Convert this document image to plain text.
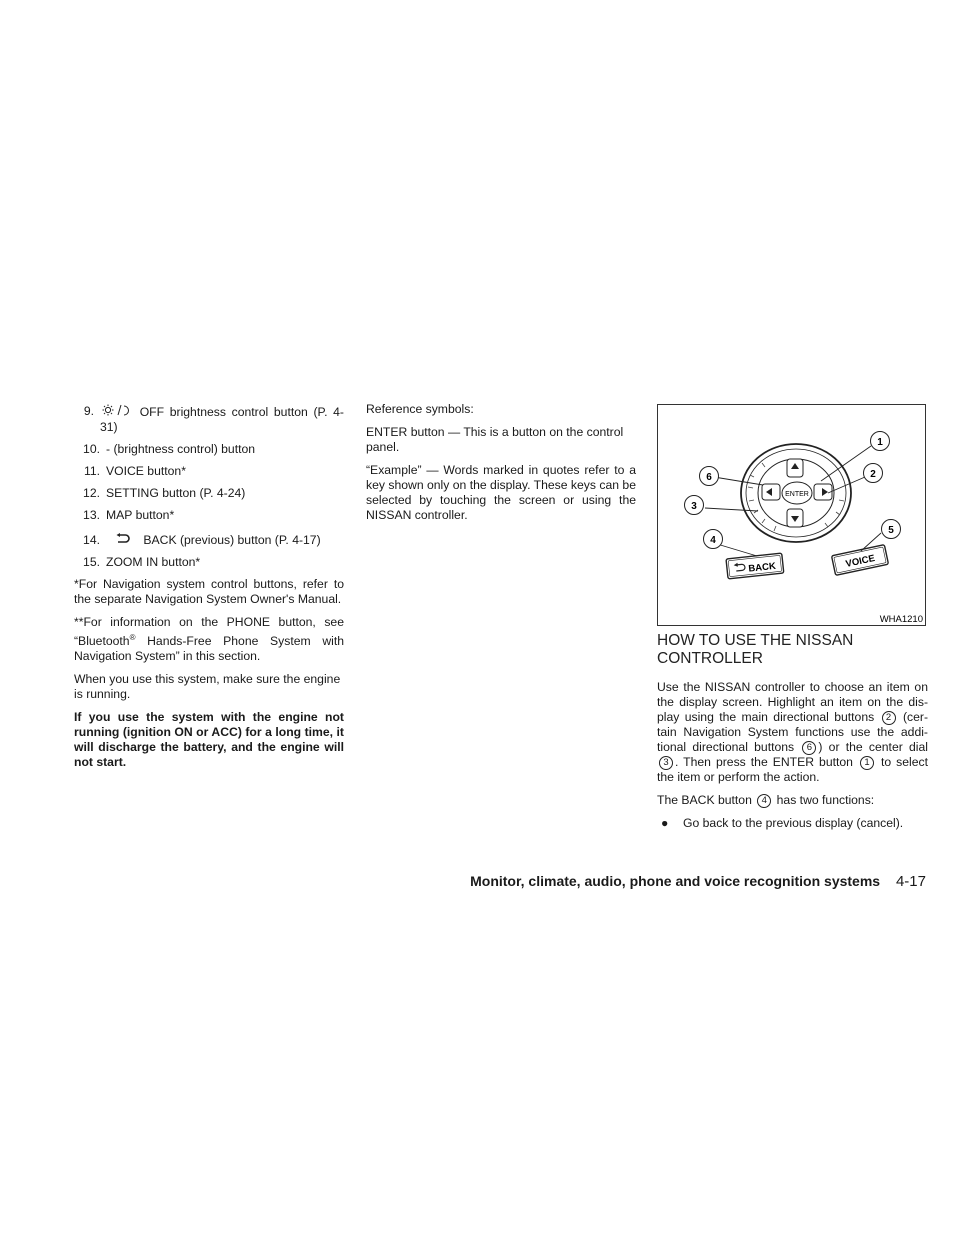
9.	OFF brightness control button (P. 4-31)
10. - (brightness control) button
11. VOICE button*
12. SETTING button (P. 4-24)
13. MAP button*
14.	BACK (previous) button (P. 4-17)
15. ZOOM IN button*

*For Navigation system control buttons, refer to the separate Navigation System Owner's Manual.

**For information on the PHONE button, see “Bluetooth® Hands-Free Phone System with Navigation System” in this section.

When you use this system, make sure the engine is running.

If you use the system with the engine not running (ignition ON or ACC) for a long time, it will discharge the battery, and the engine will not start.

Reference symbols:

ENTER button — This is a button on the control panel.

“Example” — Words marked in quotes refer to a key shown only on the display. These keys can be selected by touching the screen or using the NISSAN controller.

ENTER
BACK	VOICE
1
2
3
4
5
6
WHA1210
HOW TO USE THE NISSAN CONTROLLER

Use the NISSAN controller to choose an item on the display screen. Highlight an item on the dis-play using the main directional buttons 2 (cer-tain Navigation System functions use the addi-tional directional buttons 6 ) or the center dial 3 . Then press the ENTER button 1 to select the item or perform the action.

The BACK button 4 has two functions:

●	Go back to the previous display (cancel).
Monitor, climate, audio, phone and voice recognition systems 4-17
